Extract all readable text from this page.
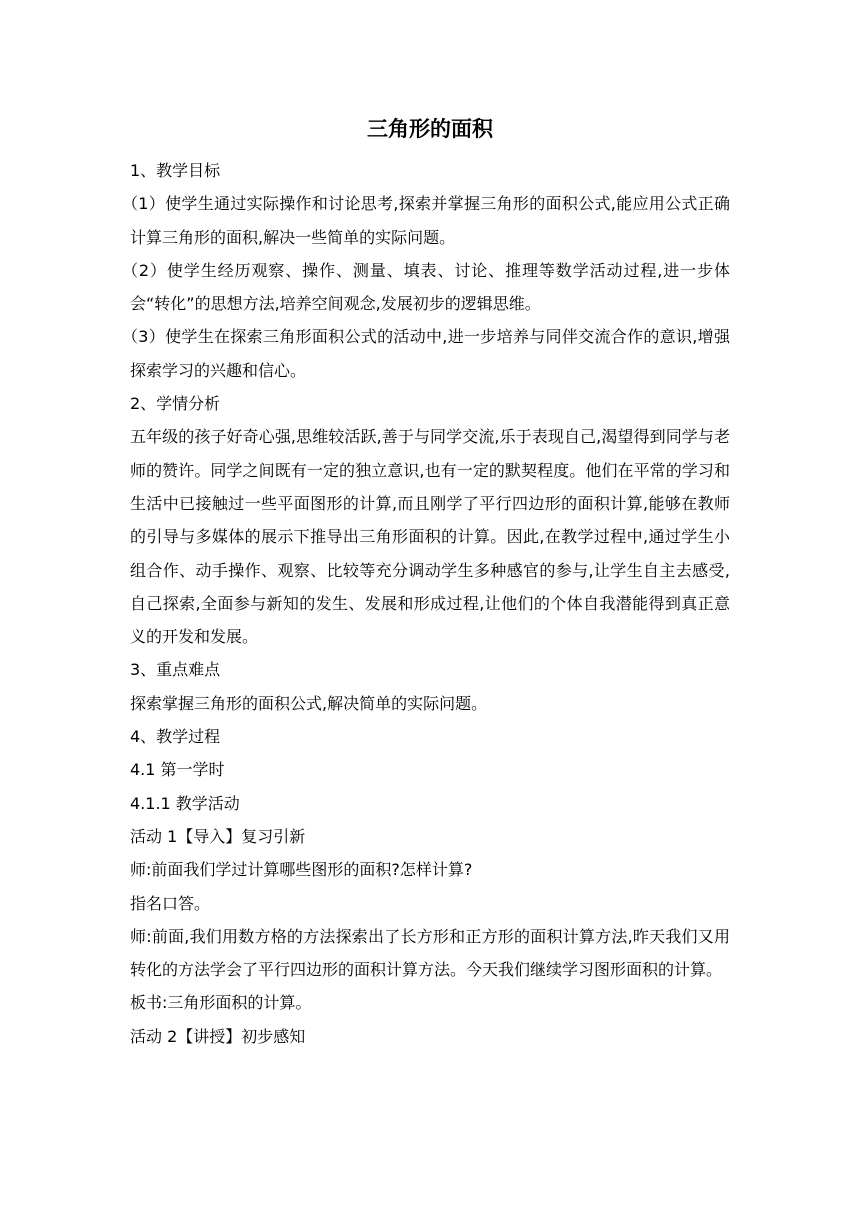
三角形的面积

1、教学目标

（1）使学生通过实际操作和讨论思考,探索并掌握三角形的面积公式,能应用公式正确计算三角形的面积,解决一些简单的实际问题。

（2）使学生经历观察、操作、测量、填表、讨论、推理等数学活动过程,进一步体会“转化”的思想方法,培养空间观念,发展初步的逻辑思维。

（3）使学生在探索三角形面积公式的活动中,进一步培养与同伴交流合作的意识,增强探索学习的兴趣和信心。

2、学情分析

五年级的孩子好奇心强,思维较活跃,善于与同学交流,乐于表现自己,渴望得到同学与老师的赞许。同学之间既有一定的独立意识,也有一定的默契程度。他们在平常的学习和生活中已接触过一些平面图形的计算,而且刚学了平行四边形的面积计算,能够在教师的引导与多媒体的展示下推导出三角形面积的计算。因此,在教学过程中,通过学生小组合作、动手操作、观察、比较等充分调动学生多种感官的参与,让学生自主去感受,自己探索,全面参与新知的发生、发展和形成过程,让他们的个体自我潜能得到真正意义的开发和发展。

3、重点难点

探索掌握三角形的面积公式,解决简单的实际问题。

4、教学过程

4.1 第一学时

4.1.1 教学活动

活动 1【导入】复习引新

师:前面我们学过计算哪些图形的面积?怎样计算?

指名口答。

师:前面,我们用数方格的方法探索出了长方形和正方形的面积计算方法,昨天我们又用转化的方法学会了平行四边形的面积计算方法。今天我们继续学习图形面积的计算。

板书:三角形面积的计算。

活动 2【讲授】初步感知
